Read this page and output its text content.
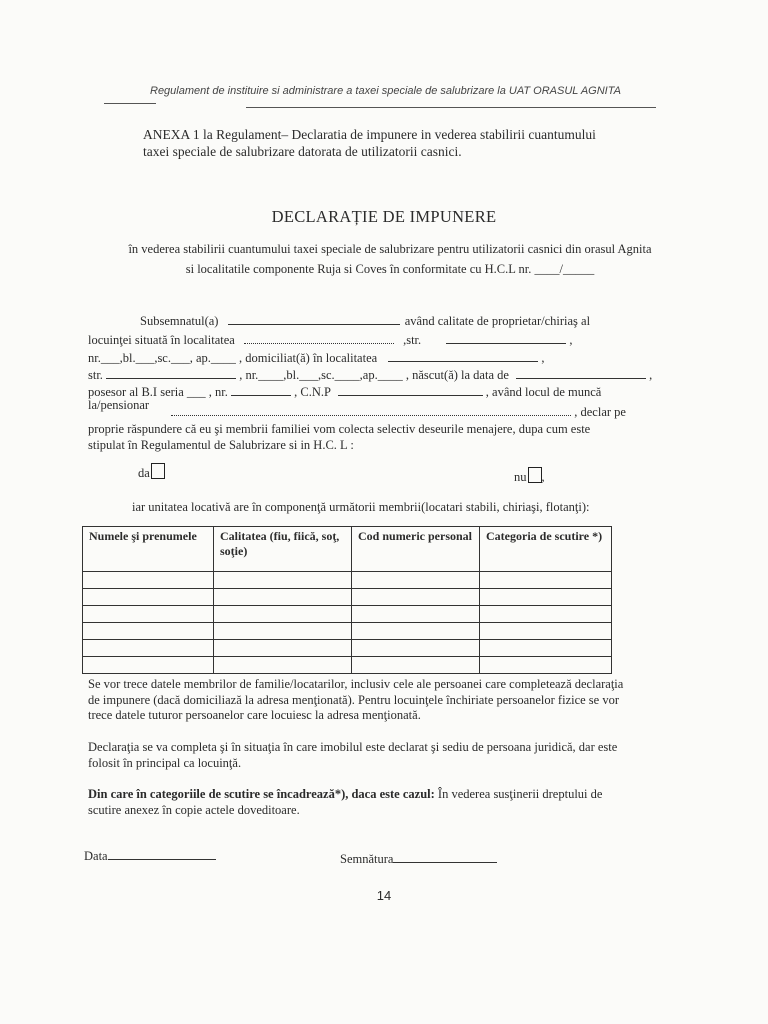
Regulament de instituire si administrare a taxei speciale de salubrizare la UAT ORASUL AGNITA
ANEXA 1 la Regulament– Declaratia de impunere in vederea stabilirii cuantumului
taxei speciale de salubrizare datorata de utilizatorii casnici.
DECLARAȚIE DE IMPUNERE
în vederea stabilirii cuantumului taxei speciale de salubrizare pentru utilizatorii casnici din orasul Agnita
si localitatile componente Ruja si Coves în conformitate cu H.C.L nr. ____/_____
Subsemnatul(a)	având calitate de proprietar/chiriaş al
locuinţei situată în localitatea	,str.	,
nr.___,bl.___,sc.___, ap.____ , domiciliat(ă) în localitatea	,
str.	, nr.____,bl.___,sc.____,ap.____ , născut(ă) la data de	,
posesor al B.I seria ___ , nr.	, C.N.P	, având locul de muncă
la/pensionar	, declar pe
proprie răspundere că eu şi membrii familiei vom colecta selectiv deseurile menajere, dupa cum este
stipulat în Regulamentul de Salubrizare si in H.C. L :
da	nu ,
iar unitatea locativă are în componenţă următorii membrii(locatari stabili, chiriaşi, flotanţi):
Numele şi prenumele	Calitatea (fiu, fiică, soţ, soţie)	Cod numeric personal	Categoria de scutire *)

Se vor trece datele membrilor de familie/locatarilor, inclusiv cele ale persoanei care completează declaraţia de impunere (dacă domiciliază la adresa menţionată). Pentru locuinţele închiriate persoanelor fizice se vor trece datele tuturor persoanelor care locuiesc la adresa menţionată.
Declaraţia se va completa şi în situaţia în care imobilul este declarat şi sediu de persoana juridică, dar este folosit în principal ca locuinţă.
Din care în categoriile de scutire se încadrează*), daca este cazul: În vederea susţinerii dreptului de scutire anexez în copie actele doveditoare.
Data	Semnătura
14
